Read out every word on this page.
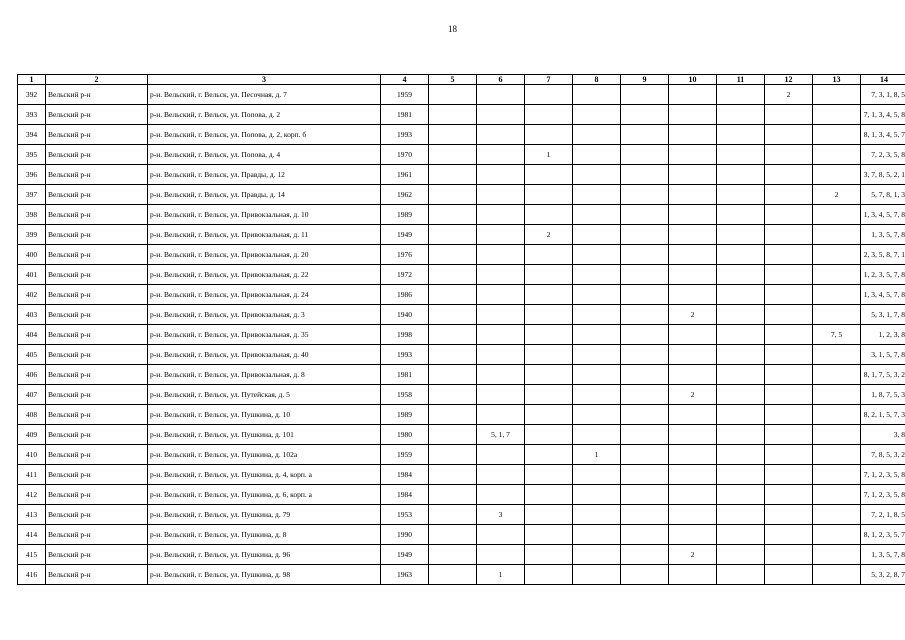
18
1	2	3	4	5	6	7	8	9	10	11	12	13	14
392	Вельский р-н	р-н. Вельский, г. Вельск, ул. Песочная, д. 7	1959								2		7, 3, 1, 8, 5
393	Вельский р-н	р-н. Вельский, г. Вельск, ул. Попова, д. 2	1981										7, 1, 3, 4, 5, 8
394	Вельский р-н	р-н. Вельский, г. Вельск, ул. Попова, д. 2, корп. б	1993										8, 1, 3, 4, 5, 7
395	Вельский р-н	р-н. Вельский, г. Вельск, ул. Попова, д. 4	1970			1							7, 2, 3, 5, 8
396	Вельский р-н	р-н. Вельский, г. Вельск, ул. Правды, д. 12	1961										3, 7, 8, 5, 2, 1
397	Вельский р-н	р-н. Вельский, г. Вельск, ул. Правды, д. 14	1962									2	5, 7, 8, 1, 3
398	Вельский р-н	р-н. Вельский, г. Вельск, ул. Привокзальная, д. 10	1989										1, 3, 4, 5, 7, 8
399	Вельский р-н	р-н. Вельский, г. Вельск, ул. Привокзальная, д. 11	1949			2							1, 3, 5, 7, 8
400	Вельский р-н	р-н. Вельский, г. Вельск, ул. Привокзальная, д. 20	1976										2, 3, 5, 8, 7, 1
401	Вельский р-н	р-н. Вельский, г. Вельск, ул. Привокзальная, д. 22	1972										1, 2, 3, 5, 7, 8
402	Вельский р-н	р-н. Вельский, г. Вельск, ул. Привокзальная, д. 24	1986										1, 3, 4, 5, 7, 8
403	Вельский р-н	р-н. Вельский, г. Вельск, ул. Привокзальная, д. 3	1940						2				5, 3, 1, 7, 8
404	Вельский р-н	р-н. Вельский, г. Вельск, ул. Привокзальная, д. 35	1998									7, 5	1, 2, 3, 8
405	Вельский р-н	р-н. Вельский, г. Вельск, ул. Привокзальная, д. 40	1993										3, 1, 5, 7, 8
406	Вельский р-н	р-н. Вельский, г. Вельск, ул. Привокзальная, д. 8	1981										8, 1, 7, 5, 3, 2
407	Вельский р-н	р-н. Вельский, г. Вельск, ул. Путейская, д. 5	1958						2				1, 8, 7, 5, 3
408	Вельский р-н	р-н. Вельский, г. Вельск, ул. Пушкина, д. 10	1989										8, 2, 1, 5, 7, 3
409	Вельский р-н	р-н. Вельский, г. Вельск, ул. Пушкина, д. 101	1980		5, 1, 7								3, 8
410	Вельский р-н	р-н. Вельский, г. Вельск, ул. Пушкина, д. 102а	1959				1						7, 8, 5, 3, 2
411	Вельский р-н	р-н. Вельский, г. Вельск, ул. Пушкина, д. 4, корп. а	1984										7, 1, 2, 3, 5, 8
412	Вельский р-н	р-н. Вельский, г. Вельск, ул. Пушкина, д. 6, корп. а	1984										7, 1, 2, 3, 5, 8
413	Вельский р-н	р-н. Вельский, г. Вельск, ул. Пушкина, д. 79	1953		3								7, 2, 1, 8, 5
414	Вельский р-н	р-н. Вельский, г. Вельск, ул. Пушкина, д. 8	1990										8, 1, 2, 3, 5, 7
415	Вельский р-н	р-н. Вельский, г. Вельск, ул. Пушкина, д. 96	1949						2				1, 3, 5, 7, 8
416	Вельский р-н	р-н. Вельский, г. Вельск, ул. Пушкина, д. 98	1963		1								5, 3, 2, 8, 7
